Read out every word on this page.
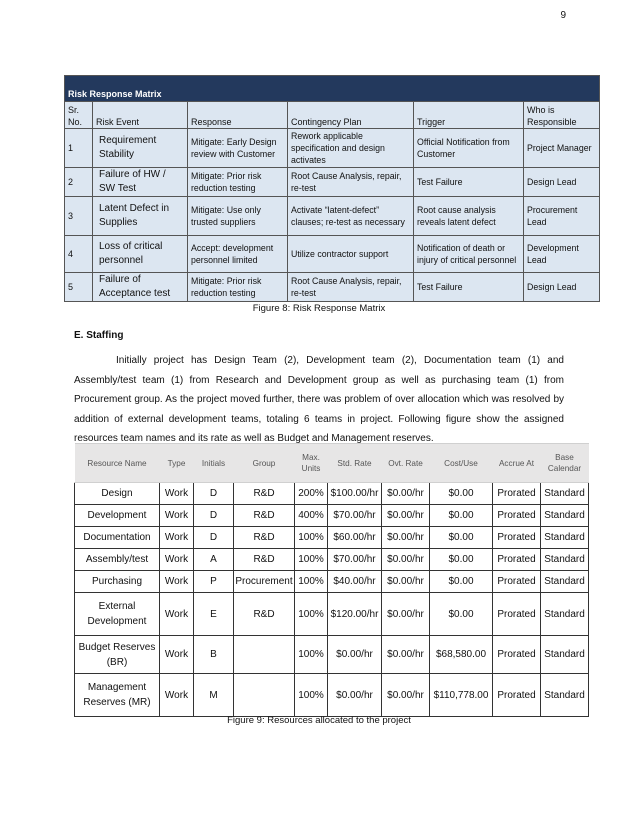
9
Risk Response Matrix					
Sr. No.	Risk Event	Response	Contingency Plan	Trigger	Who is Responsible
1	Requirement Stability	Mitigate: Early Design review with Customer	Rework applicable specification and design activates	Official Notification from Customer	Project Manager
2	Failure of HW / SW Test	Mitigate: Prior risk reduction testing	Root Cause Analysis, repair, re-test	Test Failure	Design Lead
3	Latent Defect in Supplies	Mitigate: Use only trusted suppliers	Activate “latent-defect” clauses; re-test as necessary	Root cause analysis reveals latent defect	Procurement Lead
4	Loss of critical personnel	Accept: development personnel limited	Utilize contractor support	Notification of death or injury of critical personnel	Development Lead
5	Failure of Acceptance test	Mitigate: Prior risk reduction testing	Root Cause Analysis, repair, re-test	Test Failure	Design Lead
Figure 8: Risk Response Matrix
E. Staffing

Initially project has Design Team (2), Development team (2), Documentation team (1) and Assembly/test team (1) from Research and Development group as well as purchasing team (1) from Procurement group. As the project moved further, there was problem of over allocation which was resolved by addition of external development teams, totaling 6 teams in project. Following figure show the assigned resources team names and its rate as well as Budget and Management reserves.

Resource Name	Type	Initials	Group	Max. Units	Std. Rate	Ovt. Rate	Cost/Use	Accrue At	Base Calendar
Design	Work	D	R&D	200%	$100.00/hr	$0.00/hr	$0.00	Prorated	Standard
Development	Work	D	R&D	400%	$70.00/hr	$0.00/hr	$0.00	Prorated	Standard
Documentation	Work	D	R&D	100%	$60.00/hr	$0.00/hr	$0.00	Prorated	Standard
Assembly/test	Work	A	R&D	100%	$70.00/hr	$0.00/hr	$0.00	Prorated	Standard
Purchasing	Work	P	Procurement	100%	$40.00/hr	$0.00/hr	$0.00	Prorated	Standard
External Development	Work	E	R&D	100%	$120.00/hr	$0.00/hr	$0.00	Prorated	Standard
Budget Reserves (BR)	Work	B		100%	$0.00/hr	$0.00/hr	$68,580.00	Prorated	Standard
Management Reserves (MR)	Work	M		100%	$0.00/hr	$0.00/hr	$110,778.00	Prorated	Standard
Figure 9: Resources allocated to the project
